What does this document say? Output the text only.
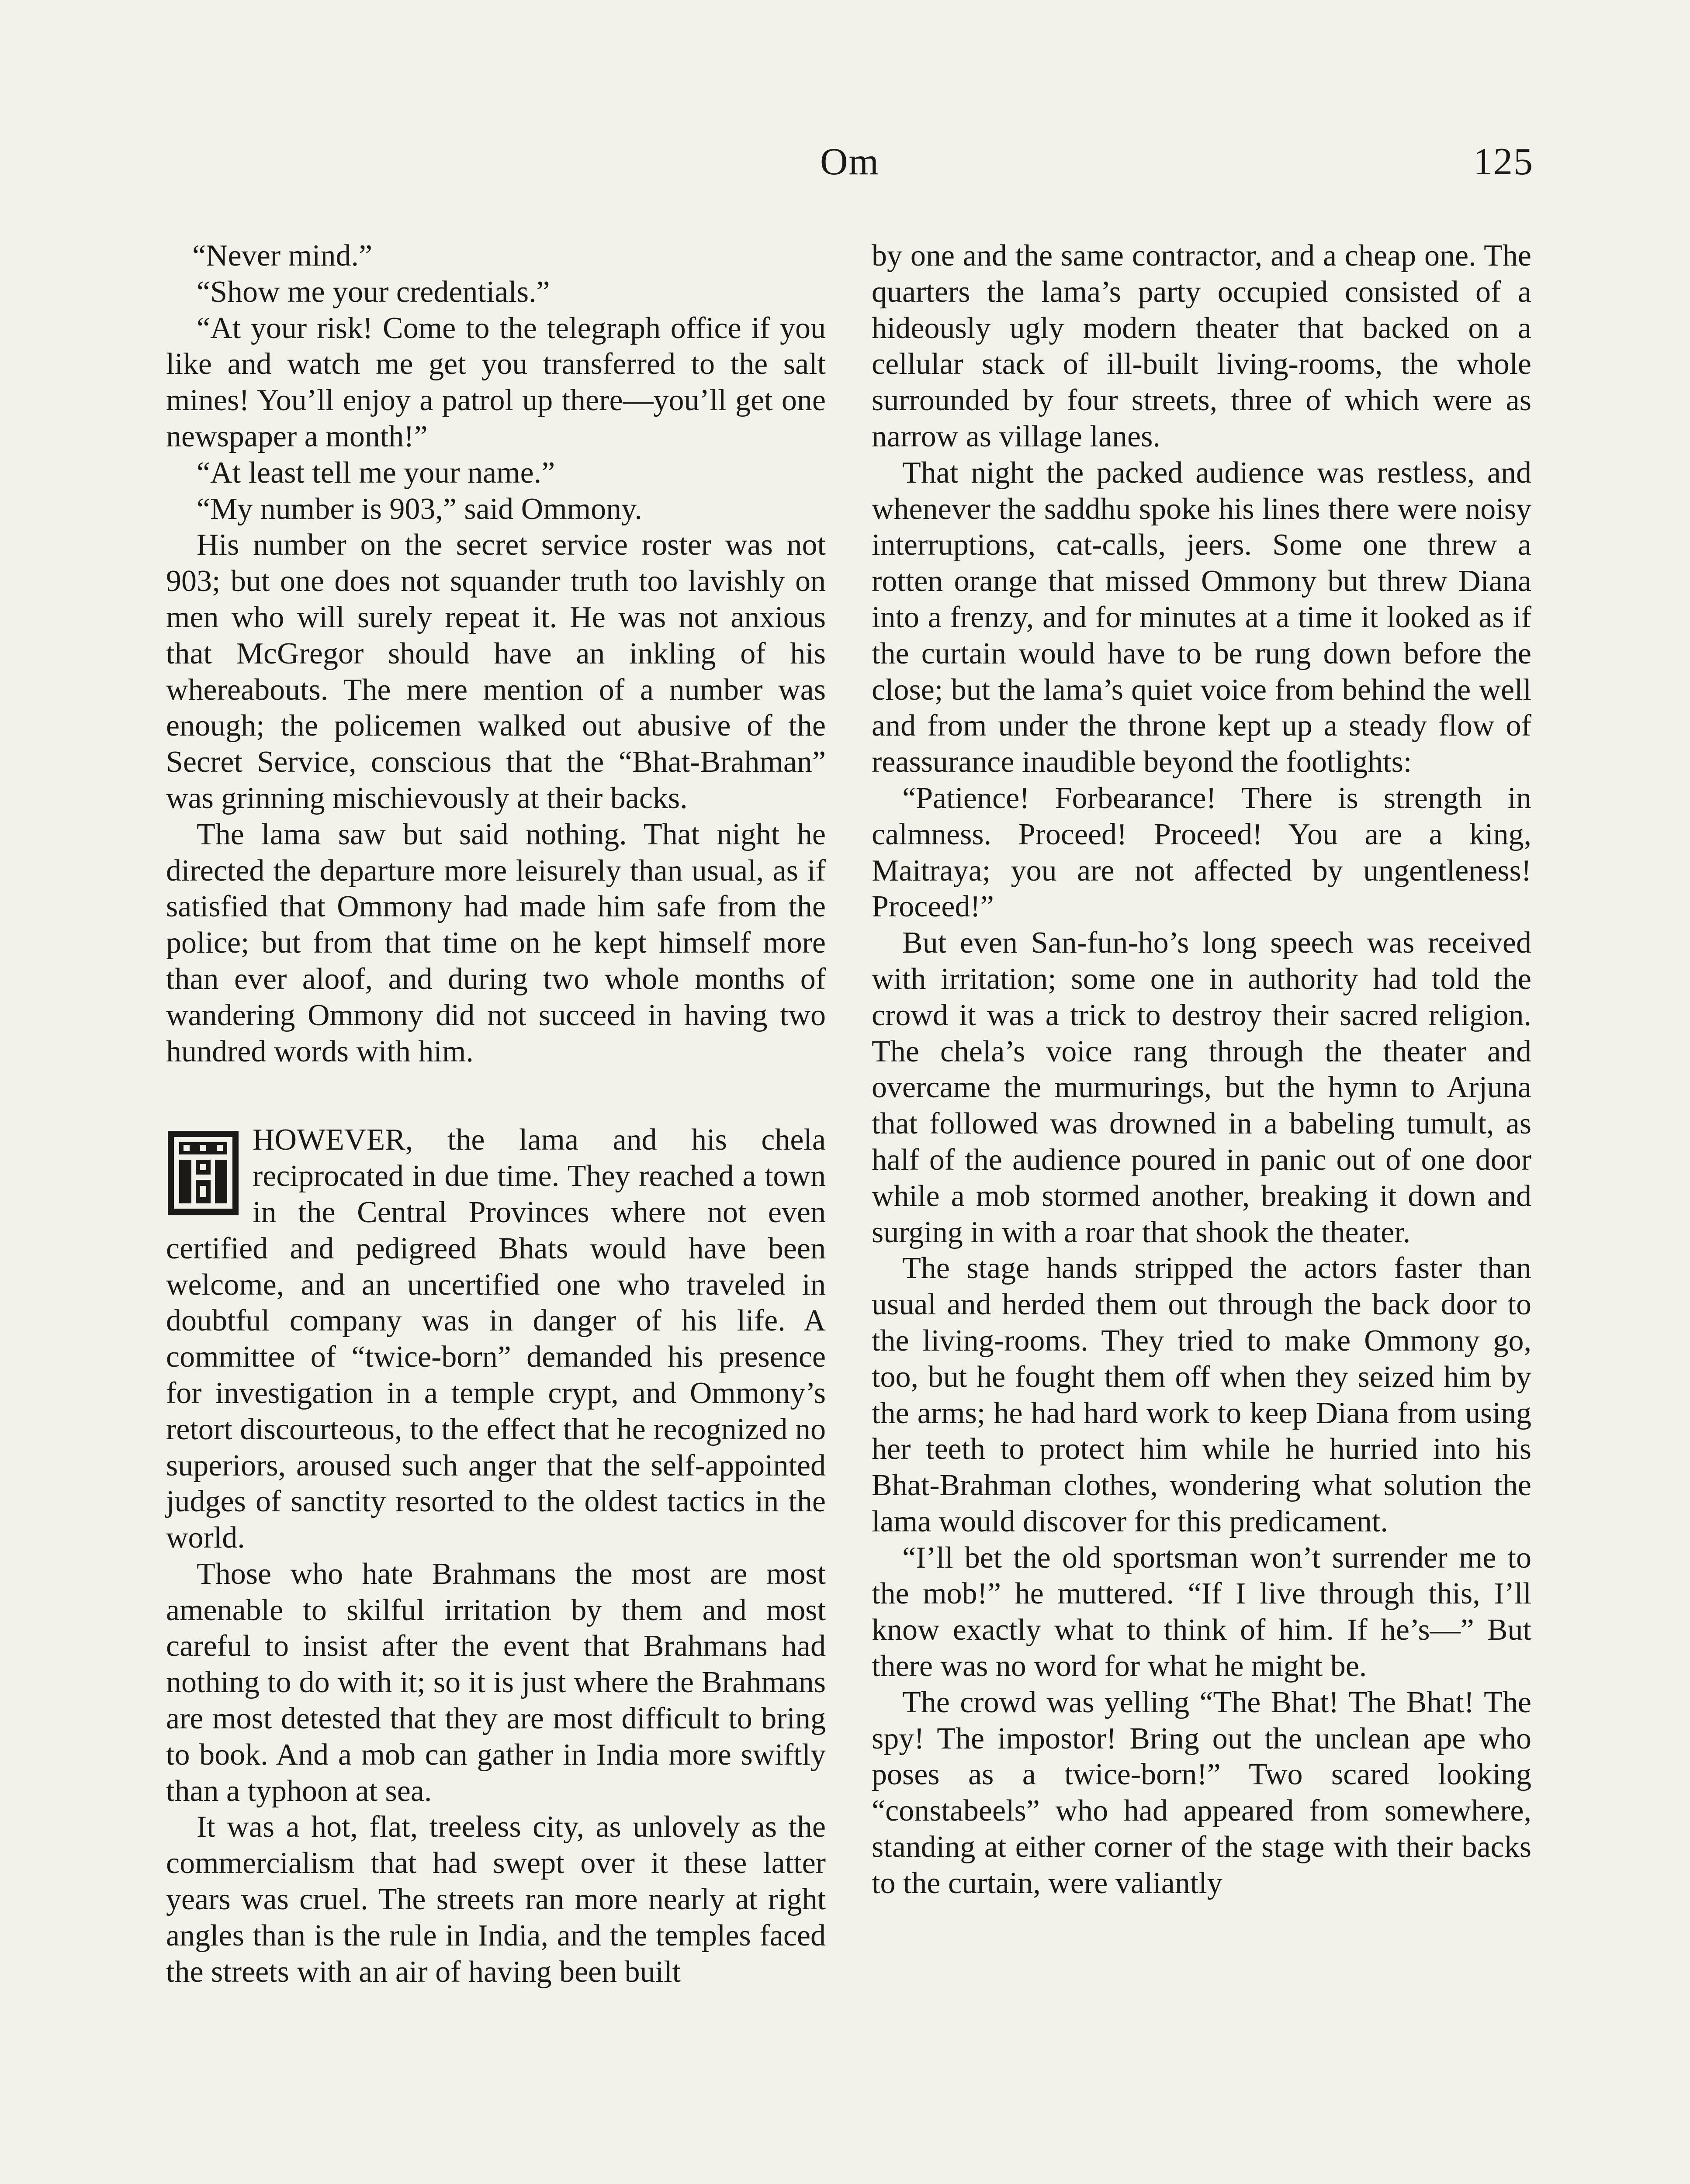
Om	125

“Never mind.”

“Show me your credentials.”

“At your risk! Come to the telegraph office if you like and watch me get you transferred to the salt mines! You’ll enjoy a patrol up there—you’ll get one newspaper a month!”

“At least tell me your name.”

“My number is 903,” said Ommony.

His number on the secret service roster was not 903; but one does not squander truth too lavishly on men who will surely repeat it. He was not anxious that McGregor should have an inkling of his whereabouts. The mere mention of a number was enough; the policemen walked out abusive of the Secret Service, conscious that the “Bhat-Brahman” was grinning mischievously at their backs.

The lama saw but said nothing. That night he directed the departure more leisurely than usual, as if satisfied that Ommony had made him safe from the police; but from that time on he kept himself more than ever aloof, and during two whole months of wandering Ommony did not succeed in having two hundred words with him.

HOWEVER, the lama and his chela reciprocated in due time. They reached a town in the Central Provinces where not even certified and pedigreed Bhats would have been welcome, and an uncertified one who traveled in doubtful company was in danger of his life. A committee of “twice-born” demanded his presence for investigation in a temple crypt, and Ommony’s retort discourteous, to the effect that he recognized no superiors, aroused such anger that the self-appointed judges of sanctity resorted to the oldest tactics in the world.

Those who hate Brahmans the most are most amenable to skilful irritation by them and most careful to insist after the event that Brahmans had nothing to do with it; so it is just where the Brahmans are most detested that they are most difficult to bring to book. And a mob can gather in India more swiftly than a typhoon at sea.

It was a hot, flat, treeless city, as unlovely as the commercialism that had swept over it these latter years was cruel. The streets ran more nearly at right angles than is the rule in India, and the temples faced the streets with an air of having been built

by one and the same contractor, and a cheap one. The quarters the lama’s party occupied consisted of a hideously ugly modern theater that backed on a cellular stack of ill-built living-rooms, the whole surrounded by four streets, three of which were as narrow as village lanes.

That night the packed audience was restless, and whenever the saddhu spoke his lines there were noisy interruptions, cat-calls, jeers. Some one threw a rotten orange that missed Ommony but threw Diana into a frenzy, and for minutes at a time it looked as if the curtain would have to be rung down before the close; but the lama’s quiet voice from behind the well and from under the throne kept up a steady flow of reassurance inaudible beyond the footlights:

“Patience! Forbearance! There is strength in calmness. Proceed! Proceed! You are a king, Maitraya; you are not affected by ungentleness! Proceed!”

But even San-fun-ho’s long speech was received with irritation; some one in authority had told the crowd it was a trick to destroy their sacred religion. The chela’s voice rang through the theater and overcame the murmurings, but the hymn to Arjuna that followed was drowned in a babeling tumult, as half of the audience poured in panic out of one door while a mob stormed another, breaking it down and surging in with a roar that shook the theater.

The stage hands stripped the actors faster than usual and herded them out through the back door to the living-rooms. They tried to make Ommony go, too, but he fought them off when they seized him by the arms; he had hard work to keep Diana from using her teeth to protect him while he hurried into his Bhat-Brahman clothes, wondering what solution the lama would discover for this predicament.

“I’ll bet the old sportsman won’t surrender me to the mob!” he muttered. “If I live through this, I’ll know exactly what to think of him. If he’s—” But there was no word for what he might be.

The crowd was yelling “The Bhat! The Bhat! The spy! The impostor! Bring out the unclean ape who poses as a twice-born!” Two scared looking “constabeels” who had appeared from somewhere, standing at either corner of the stage with their backs to the curtain, were valiantly
